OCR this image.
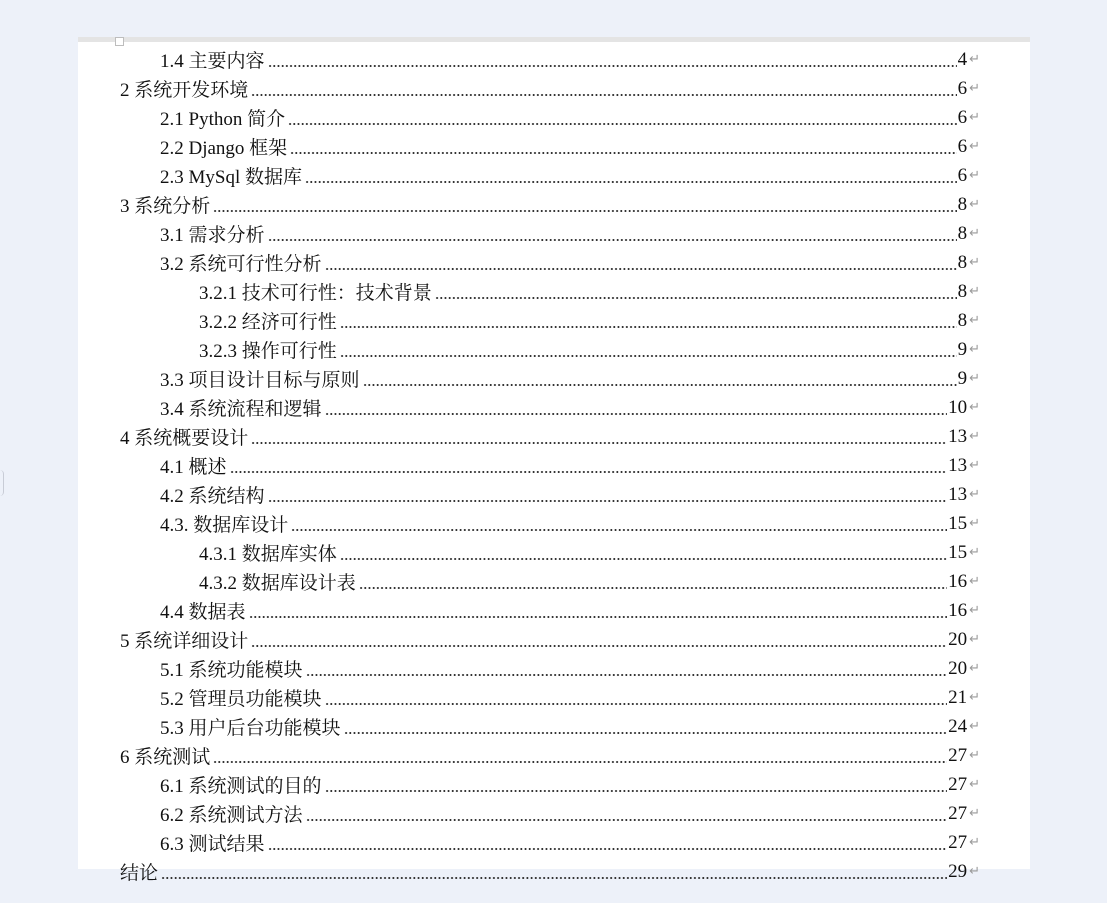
1.4 主要内容	4 ↵
2 系统开发环境	6 ↵
2.1 Python 简介	6 ↵
2.2 Django 框架	6 ↵
2.3 MySql 数据库	6 ↵
3 系统分析	8 ↵
3.1 需求分析	8 ↵
3.2 系统可行性分析	8 ↵
3.2.1 技术可行性：技术背景	8 ↵
3.2.2 经济可行性	8 ↵
3.2.3 操作可行性	9 ↵
3.3 项目设计目标与原则	9 ↵
3.4 系统流程和逻辑	10 ↵
4 系统概要设计	13 ↵
4.1 概述	13 ↵
4.2 系统结构	13 ↵
4.3. 数据库设计	15 ↵
4.3.1 数据库实体	15 ↵
4.3.2 数据库设计表	16 ↵
4.4 数据表	16 ↵
5 系统详细设计	20 ↵
5.1 系统功能模块	20 ↵
5.2 管理员功能模块	21 ↵
5.3 用户后台功能模块	24 ↵
6 系统测试	27 ↵
6.1 系统测试的目的	27 ↵
6.2 系统测试方法	27 ↵
6.3 测试结果	27 ↵
结论	29 ↵
